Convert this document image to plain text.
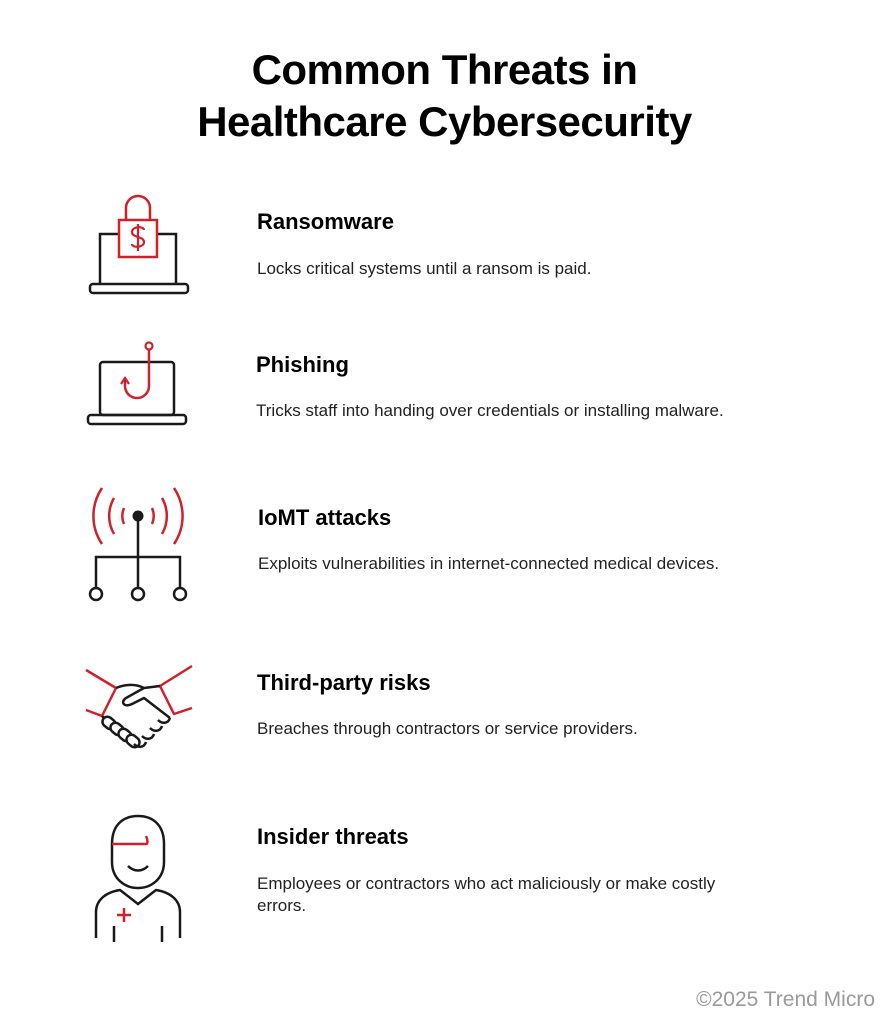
Common Threats in
Healthcare Cybersecurity
Ransomware
Locks critical systems until a ransom is paid.
Phishing
Tricks staff into handing over credentials or installing malware.
IoMT attacks
Exploits vulnerabilities in internet-connected medical devices.
Third-party risks
Breaches through contractors or service providers.
Insider threats
Employees or contractors who act maliciously or make costly errors.
©2025 Trend Micro
